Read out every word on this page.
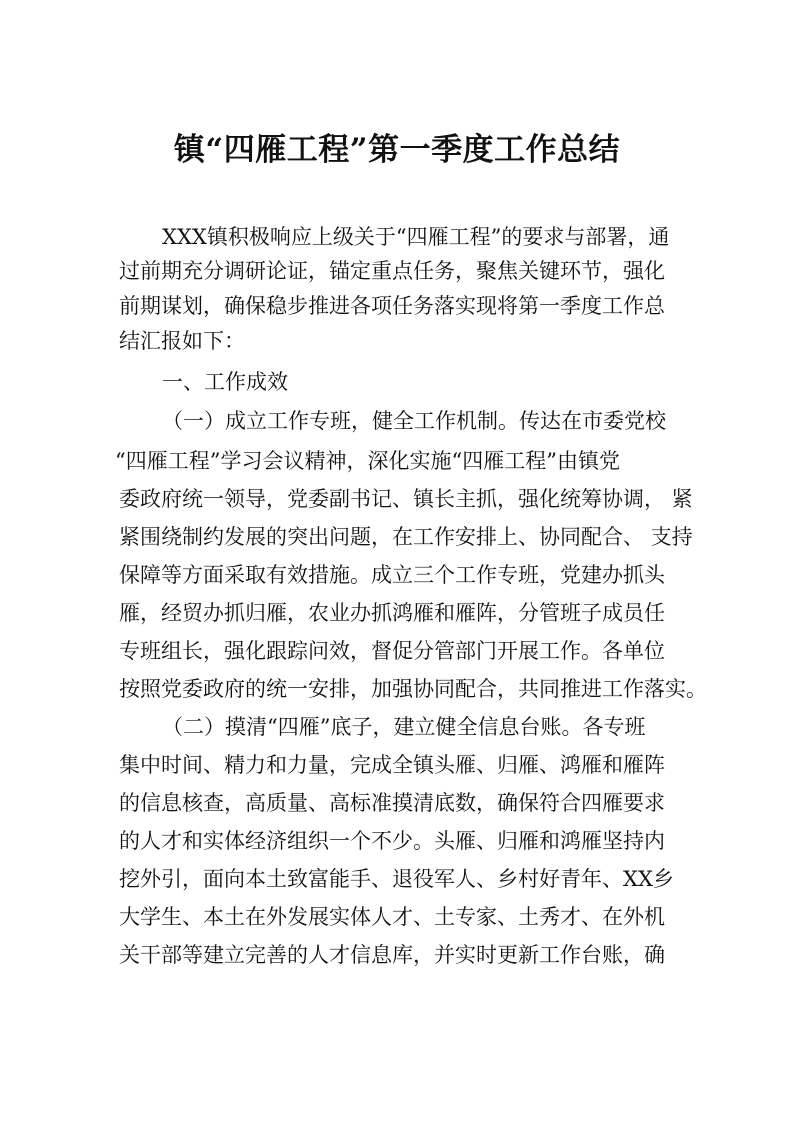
镇“四雁工程”第一季度工作总结
XXX镇积极响应上级关于“四雁工程”的要求与部署，通
过前期充分调研论证，锚定重点任务，聚焦关键环节，强化
前期谋划，确保稳步推进各项任务落实现将第一季度工作总
结汇报如下：
一、工作成效
（一）成立工作专班，健全工作机制。传达在市委党校
“四雁工程”学习会议精神，深化实施“四雁工程”由镇党
委政府统一领导，党委副书记、镇长主抓，强化统筹协调， 紧
紧围绕制约发展的突出问题，在工作安排上、协同配合、 支持
保障等方面采取有效措施。成立三个工作专班，党建办抓头
雁，经贸办抓归雁，农业办抓鸿雁和雁阵，分管班子成员任
专班组长，强化跟踪问效，督促分管部门开展工作。各单位
按照党委政府的统一安排，加强协同配合，共同推进工作落实。
（二）摸清“四雁”底子，建立健全信息台账。各专班
集中时间、精力和力量，完成全镇头雁、归雁、鸿雁和雁阵
的信息核查，高质量、高标准摸清底数，确保符合四雁要求
的人才和实体经济组织一个不少。头雁、归雁和鸿雁坚持内
挖外引，面向本土致富能手、退役军人、乡村好青年、XX乡
大学生、本土在外发展实体人才、土专家、土秀才、在外机
关干部等建立完善的人才信息库，并实时更新工作台账，确
